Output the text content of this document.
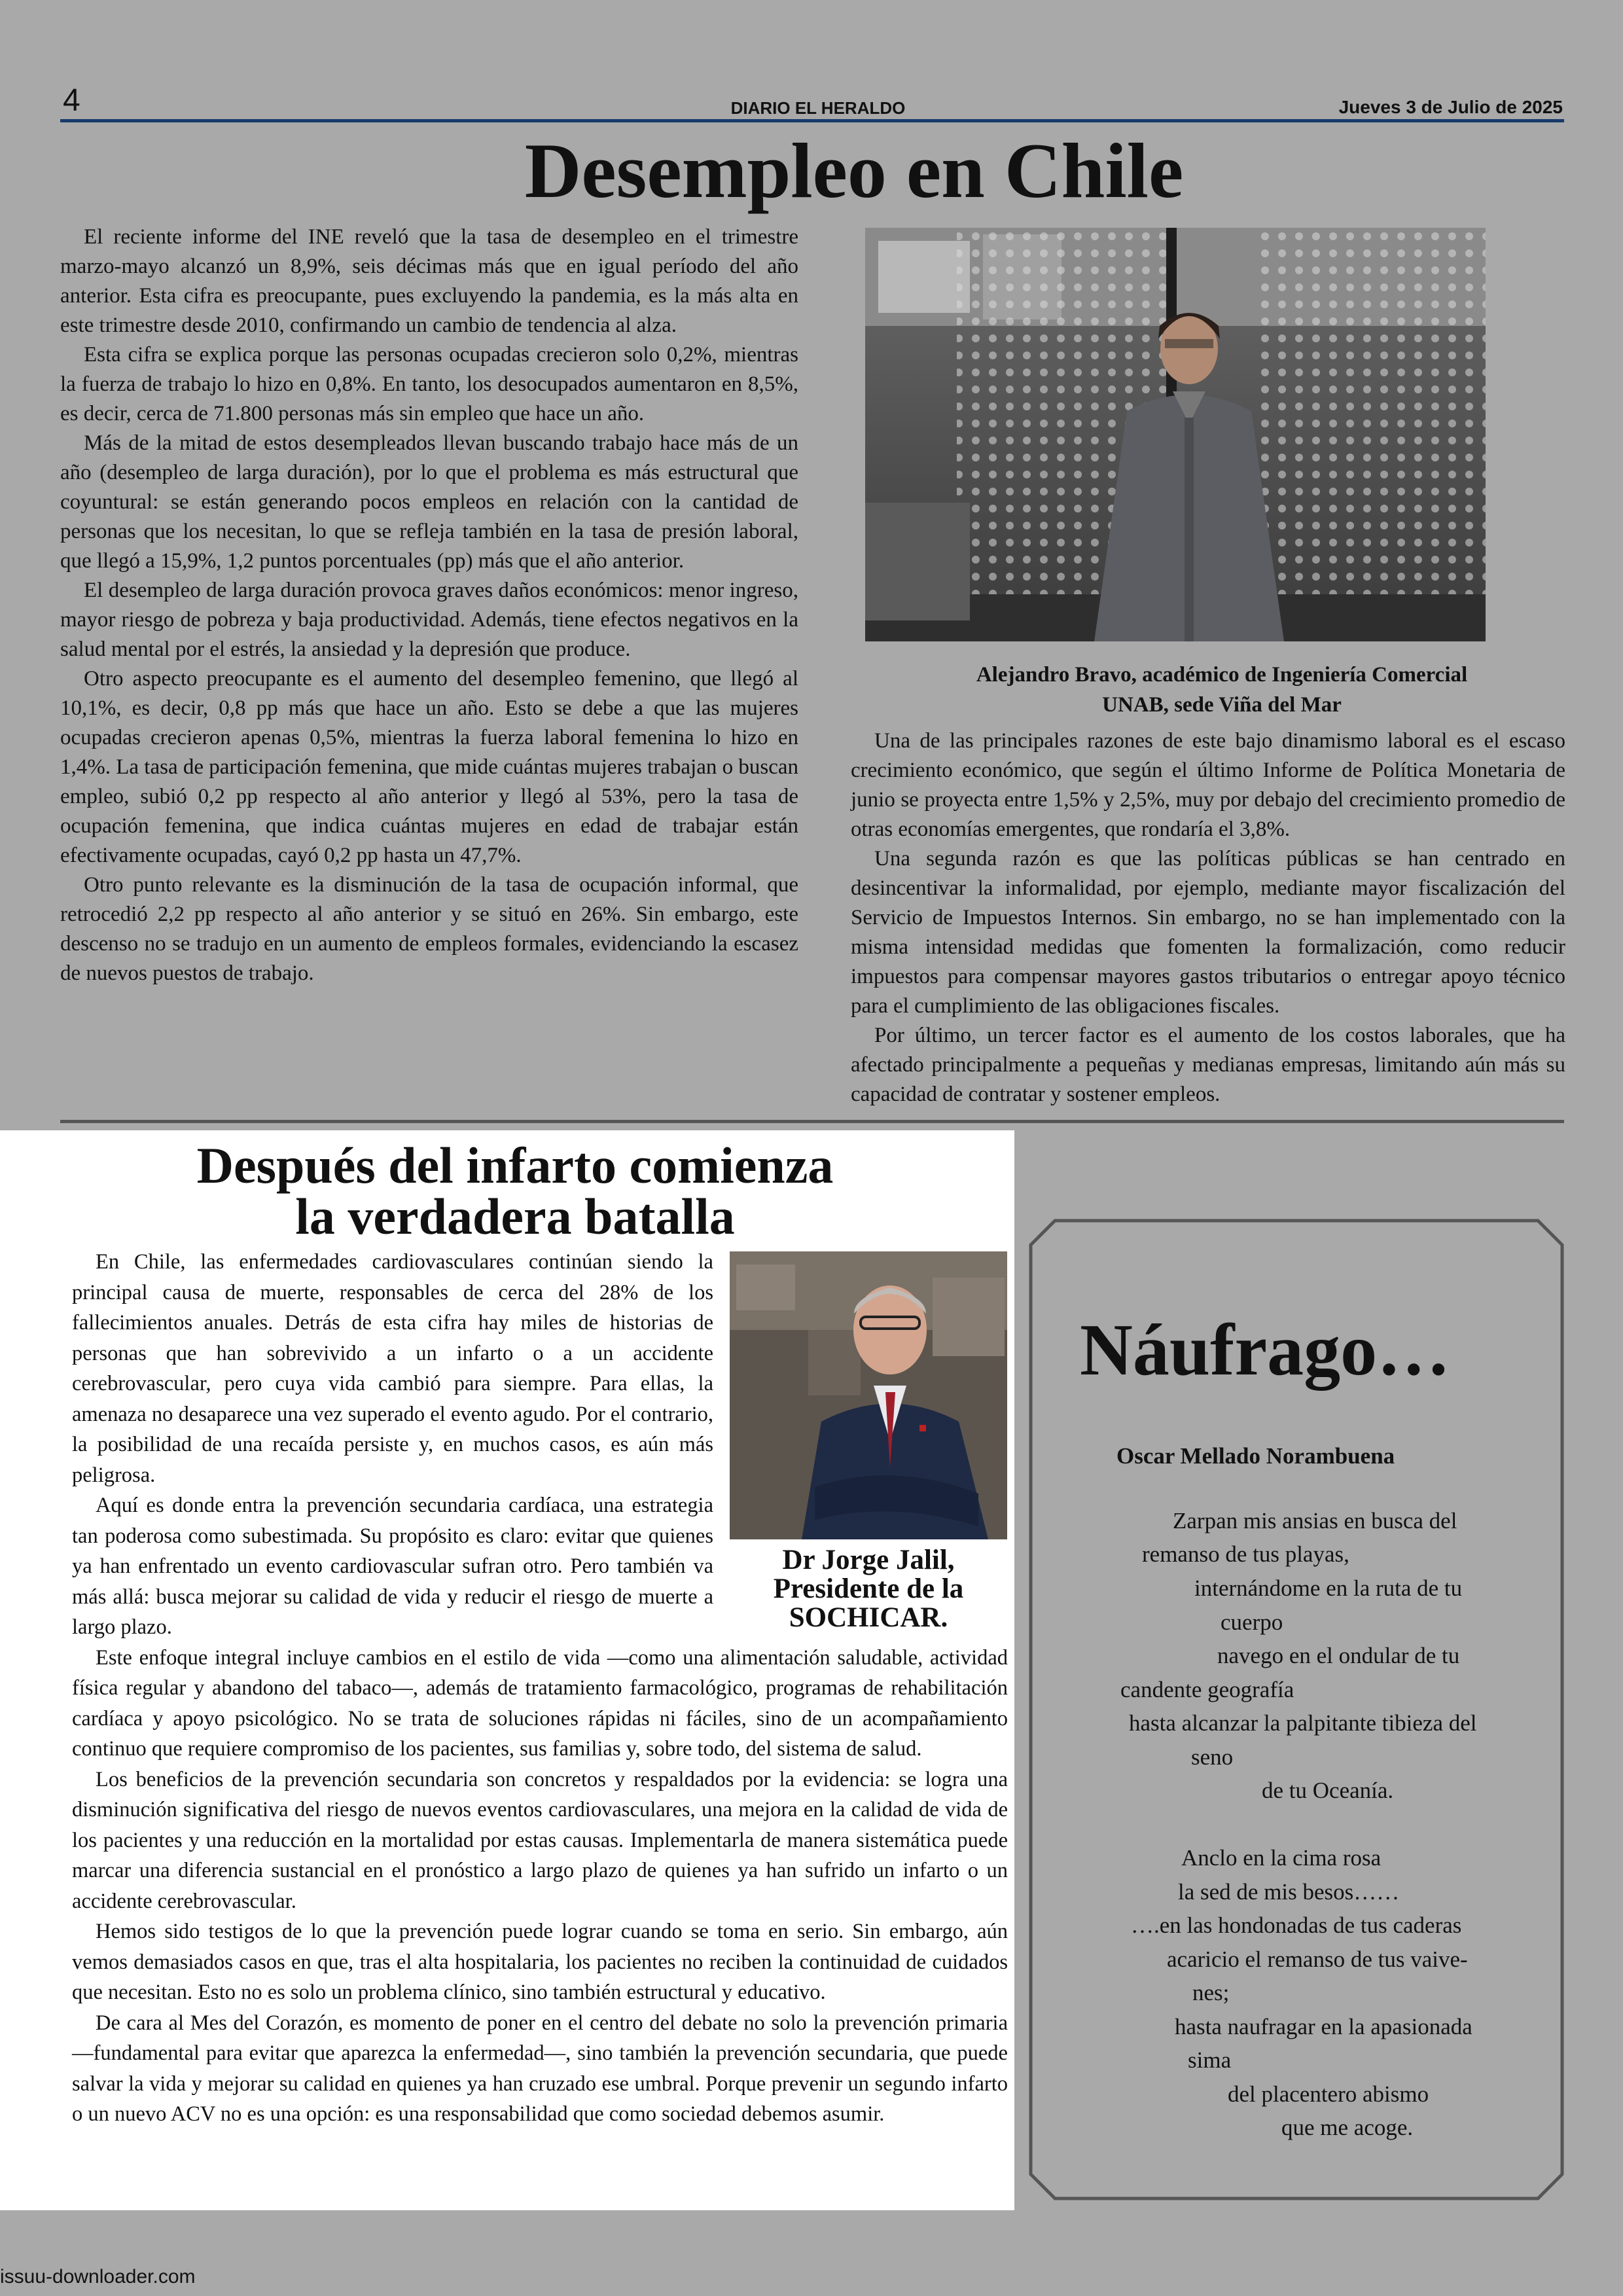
4	DIARIO EL HERALDO	Jueves 3 de Julio de 2025
Desempleo en Chile

El reciente informe del INE reveló que la tasa de desempleo en el trimestre marzo-mayo alcanzó un 8,9%, seis décimas más que en igual período del año anterior. Esta cifra es preocupante, pues excluyendo la pandemia, es la más alta en este trimestre desde 2010, confirmando un cambio de tendencia al alza.

Esta cifra se explica porque las personas ocupadas crecieron solo 0,2%, mientras la fuerza de trabajo lo hizo en 0,8%. En tanto, los desocupados aumentaron en 8,5%, es decir, cerca de 71.800 personas más sin empleo que hace un año.

Más de la mitad de estos desempleados llevan buscando trabajo hace más de un año (desempleo de larga duración), por lo que el problema es más estructural que coyuntural: se están generando pocos empleos en relación con la cantidad de personas que los necesitan, lo que se refleja también en la tasa de presión laboral, que llegó a 15,9%, 1,2 puntos porcentuales (pp) más que el año anterior.

El desempleo de larga duración provoca graves daños económicos: menor ingreso, mayor riesgo de pobreza y baja productividad. Además, tiene efectos negativos en la salud mental por el estrés, la ansiedad y la depresión que produce.

Otro aspecto preocupante es el aumento del desempleo femenino, que llegó al 10,1%, es decir, 0,8 pp más que hace un año. Esto se debe a que las mujeres ocupadas crecieron apenas 0,5%, mientras la fuerza laboral femenina lo hizo en 1,4%. La tasa de participación femenina, que mide cuántas mujeres trabajan o buscan empleo, subió 0,2 pp respecto al año anterior y llegó al 53%, pero la tasa de ocupación femenina, que indica cuántas mujeres en edad de trabajar están efectivamente ocupadas, cayó 0,2 pp hasta un 47,7%.

Otro punto relevante es la disminución de la tasa de ocupación informal, que retrocedió 2,2 pp respecto al año anterior y se situó en 26%. Sin embargo, este descenso no se tradujo en un aumento de empleos formales, evidenciando la escasez de nuevos puestos de trabajo.

Alejandro Bravo, académico de Ingeniería Comercial
UNAB, sede Viña del Mar

Una de las principales razones de este bajo dinamismo laboral es el escaso crecimiento económico, que según el último Informe de Política Monetaria de junio se proyecta entre 1,5% y 2,5%, muy por debajo del crecimiento promedio de otras economías emergentes, que rondaría el 3,8%.

Una segunda razón es que las políticas públicas se han centrado en desincentivar la informalidad, por ejemplo, mediante mayor fiscalización del Servicio de Impuestos Internos. Sin embargo, no se han implementado con la misma intensidad medidas que fomenten la formalización, como reducir impuestos para compensar mayores gastos tributarios o entregar apoyo técnico para el cumplimiento de las obligaciones fiscales.

Por último, un tercer factor es el aumento de los costos laborales, que ha afectado principalmente a pequeñas y medianas empresas, limitando aún más su capacidad de contratar y sostener empleos.

Después del infarto comienza
la verdadera batalla
Dr Jorge Jalil,
Presidente de la
SOCHICAR.

En Chile, las enfermedades cardiovasculares continúan siendo la principal causa de muerte, responsables de cerca del 28% de los fallecimientos anuales. Detrás de esta cifra hay miles de historias de personas que han sobrevivido a un infarto o a un accidente cerebrovascular, pero cuya vida cambió para siempre. Para ellas, la amenaza no desaparece una vez superado el evento agudo. Por el contrario, la posibilidad de una recaída persiste y, en muchos casos, es aún más peligrosa.

Aquí es donde entra la prevención secundaria cardíaca, una estrategia tan poderosa como subestimada. Su propósito es claro: evitar que quienes ya han enfrentado un evento cardiovascular sufran otro. Pero también va más allá: busca mejorar su calidad de vida y reducir el riesgo de muerte a largo plazo.

Este enfoque integral incluye cambios en el estilo de vida —como una alimentación saludable, actividad física regular y abandono del tabaco—, además de tratamiento farmacológico, programas de rehabilitación cardíaca y apoyo psicológico. No se trata de soluciones rápidas ni fáciles, sino de un acompañamiento continuo que requiere compromiso de los pacientes, sus familias y, sobre todo, del sistema de salud.

Los beneficios de la prevención secundaria son concretos y respaldados por la evidencia: se logra una disminución significativa del riesgo de nuevos eventos cardiovasculares, una mejora en la calidad de vida de los pacientes y una reducción en la mortalidad por estas causas. Implementarla de manera sistemática puede marcar una diferencia sustancial en el pronóstico a largo plazo de quienes ya han sufrido un infarto o un accidente cerebrovascular.

Hemos sido testigos de lo que la prevención puede lograr cuando se toma en serio. Sin embargo, aún vemos demasiados casos en que, tras el alta hospitalaria, los pacientes no reciben la continuidad de cuidados que necesitan. Esto no es solo un problema clínico, sino también estructural y educativo.

De cara al Mes del Corazón, es momento de poner en el centro del debate no solo la prevención primaria —fundamental para evitar que aparezca la enfermedad—, sino también la prevención secundaria, que puede salvar la vida y mejorar su calidad en quienes ya han cruzado ese umbral. Porque prevenir un segundo infarto o un nuevo ACV no es una opción: es una responsabilidad que como sociedad debemos asumir.

Náufrago…
Oscar Mellado Norambuena
Zarpan mis ansias en busca del
remanso de tus playas,
internándome en la ruta de tu
cuerpo
navego en el ondular de tu
candente geografía
hasta alcanzar la palpitante tibieza del
seno
de tu Oceanía.
Anclo en la cima rosa
la sed de mis besos……
….en las hondonadas de tus caderas
acaricio el remanso de tus vaive-
nes;
hasta naufragar en la apasionada
sima
del placentero abismo
que me acoge.
issuu-downloader.com
